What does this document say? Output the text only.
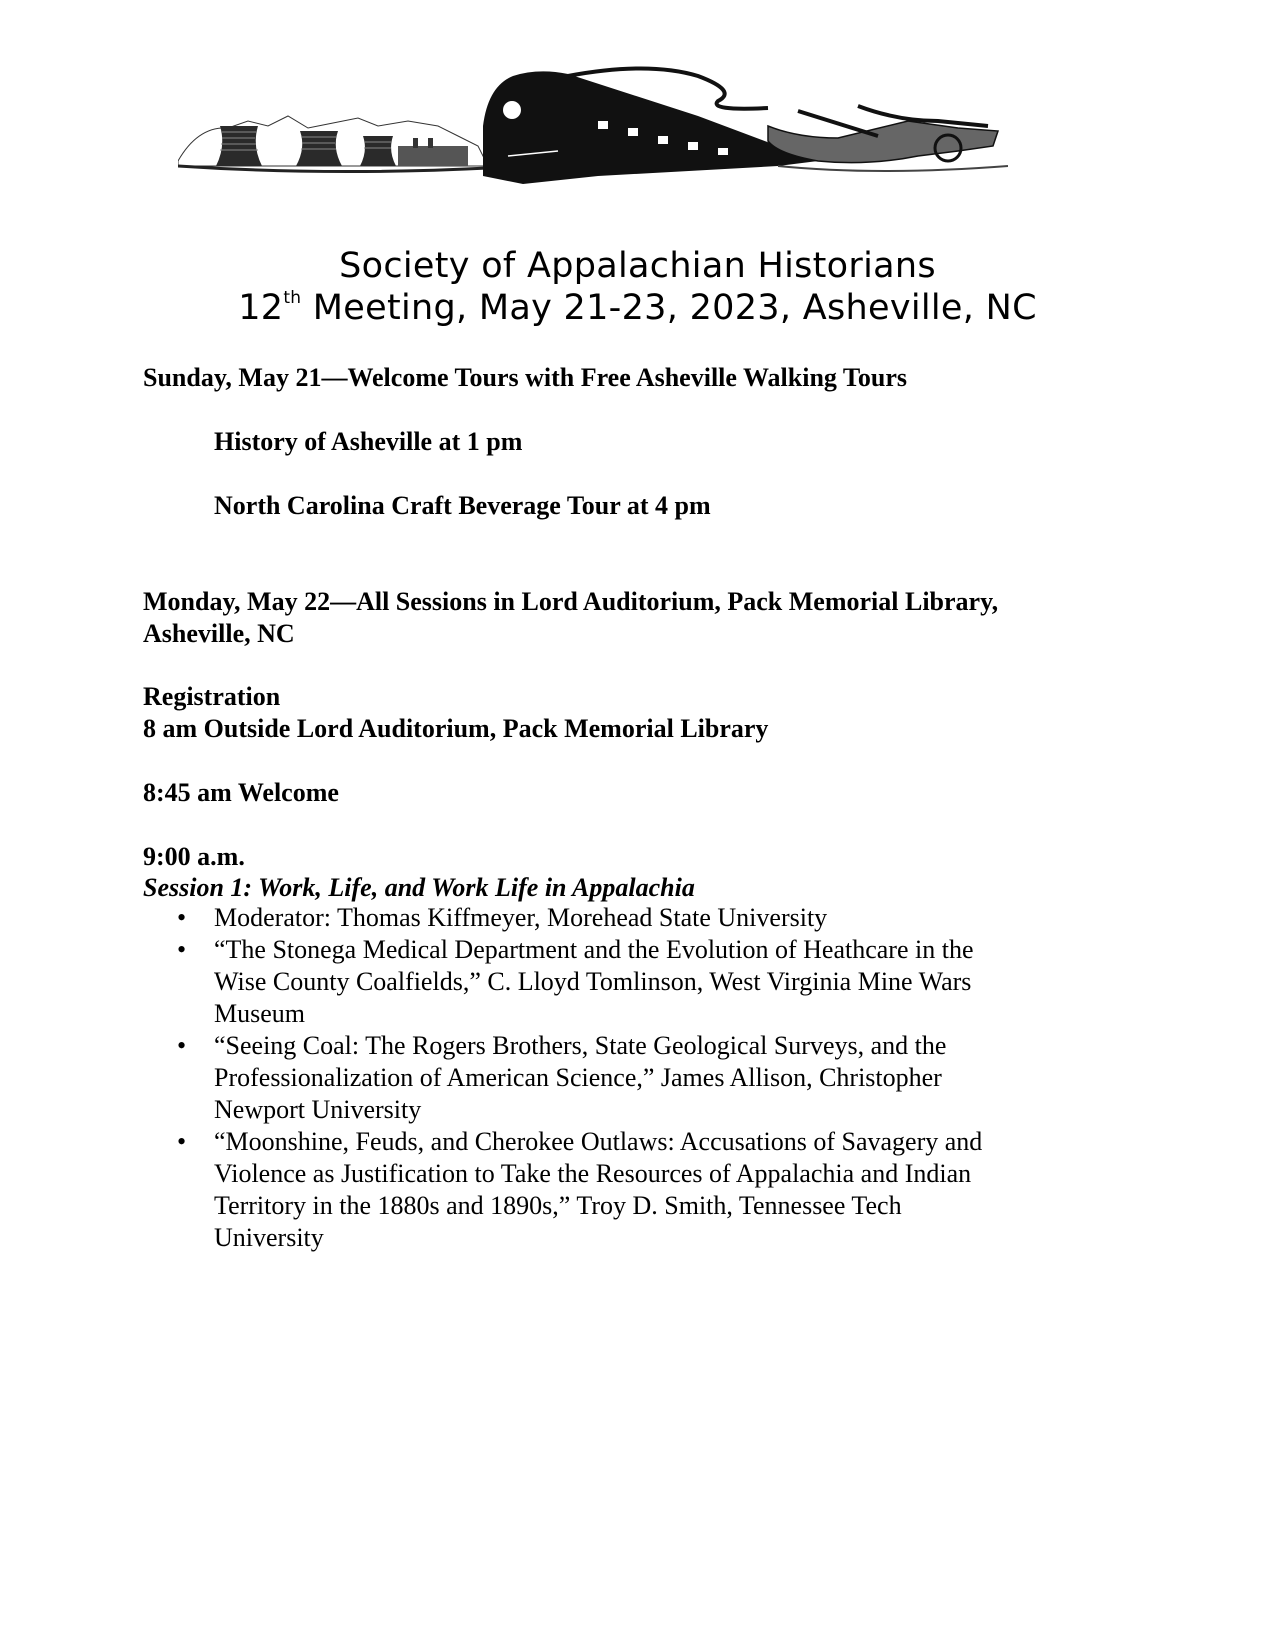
Society of Appalachian Historians
12th Meeting, May 21-23, 2023, Asheville, NC
Sunday, May 21—Welcome Tours with Free Asheville Walking Tours
History of Asheville at 1 pm
North Carolina Craft Beverage Tour at 4 pm
Monday, May 22—All Sessions in Lord Auditorium, Pack Memorial Library,
Asheville, NC
Registration
8 am Outside Lord Auditorium, Pack Memorial Library
8:45 am Welcome
9:00 a.m.
Session 1: Work, Life, and Work Life in Appalachia
• Moderator: Thomas Kiffmeyer, Morehead State University
• “The Stonega Medical Department and the Evolution of Heathcare in the
Wise County Coalfields,” C. Lloyd Tomlinson, West Virginia Mine Wars
Museum
• “Seeing Coal: The Rogers Brothers, State Geological Surveys, and the
Professionalization of American Science,” James Allison, Christopher
Newport University
• “Moonshine, Feuds, and Cherokee Outlaws: Accusations of Savagery and
Violence as Justification to Take the Resources of Appalachia and Indian
Territory in the 1880s and 1890s,” Troy D. Smith, Tennessee Tech
University
